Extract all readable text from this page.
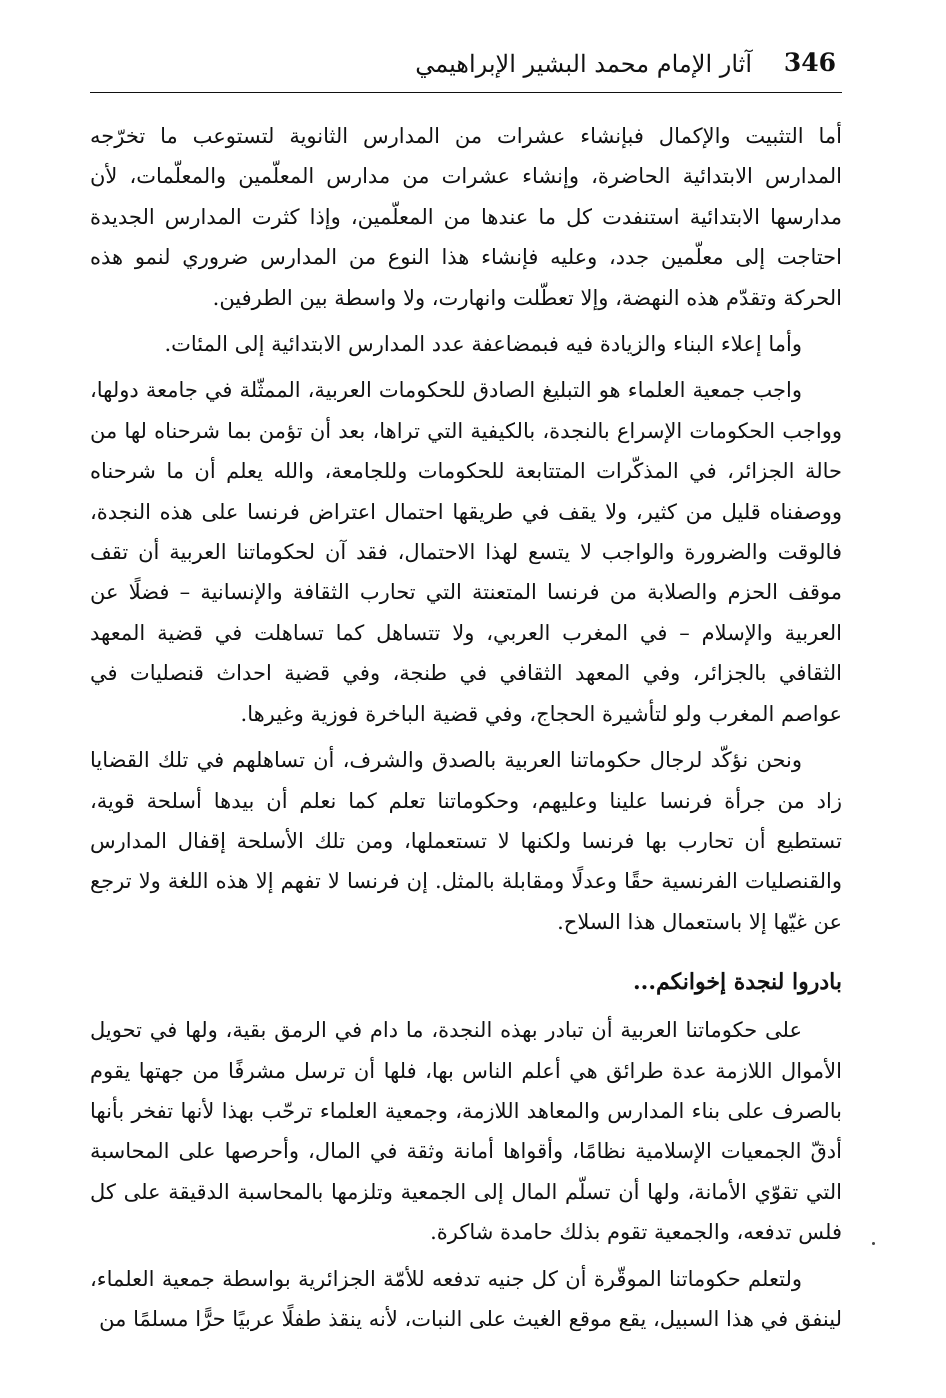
346
آثار الإمام محمد البشير الإبراهيمي

أما التثبيت والإكمال فبإنشاء عشرات من المدارس الثانوية لتستوعب ما تخرّجه المدارس الابتدائية الحاضرة، وإنشاء عشرات من مدارس المعلّمين والمعلّمات، لأن مدارسها الابتدائية استنفدت كل ما عندها من المعلّمين، وإذا كثرت المدارس الجديدة احتاجت إلى معلّمين جدد، وعليه فإنشاء هذا النوع من المدارس ضروري لنمو هذه الحركة وتقدّم هذه النهضة، وإلا تعطّلت وانهارت، ولا واسطة بين الطرفين.

وأما إعلاء البناء والزيادة فيه فبمضاعفة عدد المدارس الابتدائية إلى المئات.

واجب جمعية العلماء هو التبليغ الصادق للحكومات العربية، الممثّلة في جامعة دولها، وواجب الحكومات الإسراع بالنجدة، بالكيفية التي تراها، بعد أن تؤمن بما شرحناه لها من حالة الجزائر، في المذكّرات المتتابعة للحكومات وللجامعة، والله يعلم أن ما شرحناه ووصفناه قليل من كثير، ولا يقف في طريقها احتمال اعتراض فرنسا على هذه النجدة، فالوقت والضرورة والواجب لا يتسع لهذا الاحتمال، فقد آن لحكوماتنا العربية أن تقف موقف الحزم والصلابة من فرنسا المتعنتة التي تحارب الثقافة والإنسانية – فضلًا عن العربية والإسلام – في المغرب العربي، ولا تتساهل كما تساهلت في قضية المعهد الثقافي بالجزائر، وفي المعهد الثقافي في طنجة، وفي قضية احداث قنصليات في عواصم المغرب ولو لتأشيرة الحجاج، وفي قضية الباخرة فوزية وغيرها.

ونحن نؤكّد لرجال حكوماتنا العربية بالصدق والشرف، أن تساهلهم في تلك القضايا زاد من جرأة فرنسا علينا وعليهم، وحكوماتنا تعلم كما نعلم أن بيدها أسلحة قوية، تستطيع أن تحارب بها فرنسا ولكنها لا تستعملها، ومن تلك الأسلحة إقفال المدارس والقنصليات الفرنسية حقًا وعدلًا ومقابلة بالمثل. إن فرنسا لا تفهم إلا هذه اللغة ولا ترجع عن غيّها إلا باستعمال هذا السلاح.

بادروا لنجدة إخوانكم...

على حكوماتنا العربية أن تبادر بهذه النجدة، ما دام في الرمق بقية، ولها في تحويل الأموال اللازمة عدة طرائق هي أعلم الناس بها، فلها أن ترسل مشرفًا من جهتها يقوم بالصرف على بناء المدارس والمعاهد اللازمة، وجمعية العلماء ترحّب بهذا لأنها تفخر بأنها أدقّ الجمعيات الإسلامية نظامًا، وأقواها أمانة وثقة في المال، وأحرصها على المحاسبة التي تقوّي الأمانة، ولها أن تسلّم المال إلى الجمعية وتلزمها بالمحاسبة الدقيقة على كل فلس تدفعه، والجمعية تقوم بذلك حامدة شاكرة.

ولتعلم حكوماتنا الموقّرة أن كل جنيه تدفعه للأمّة الجزائرية بواسطة جمعية العلماء، لينفق في هذا السبيل، يقع موقع الغيث على النبات، لأنه ينقذ طفلًا عربيًا حرًّا مسلمًا من
